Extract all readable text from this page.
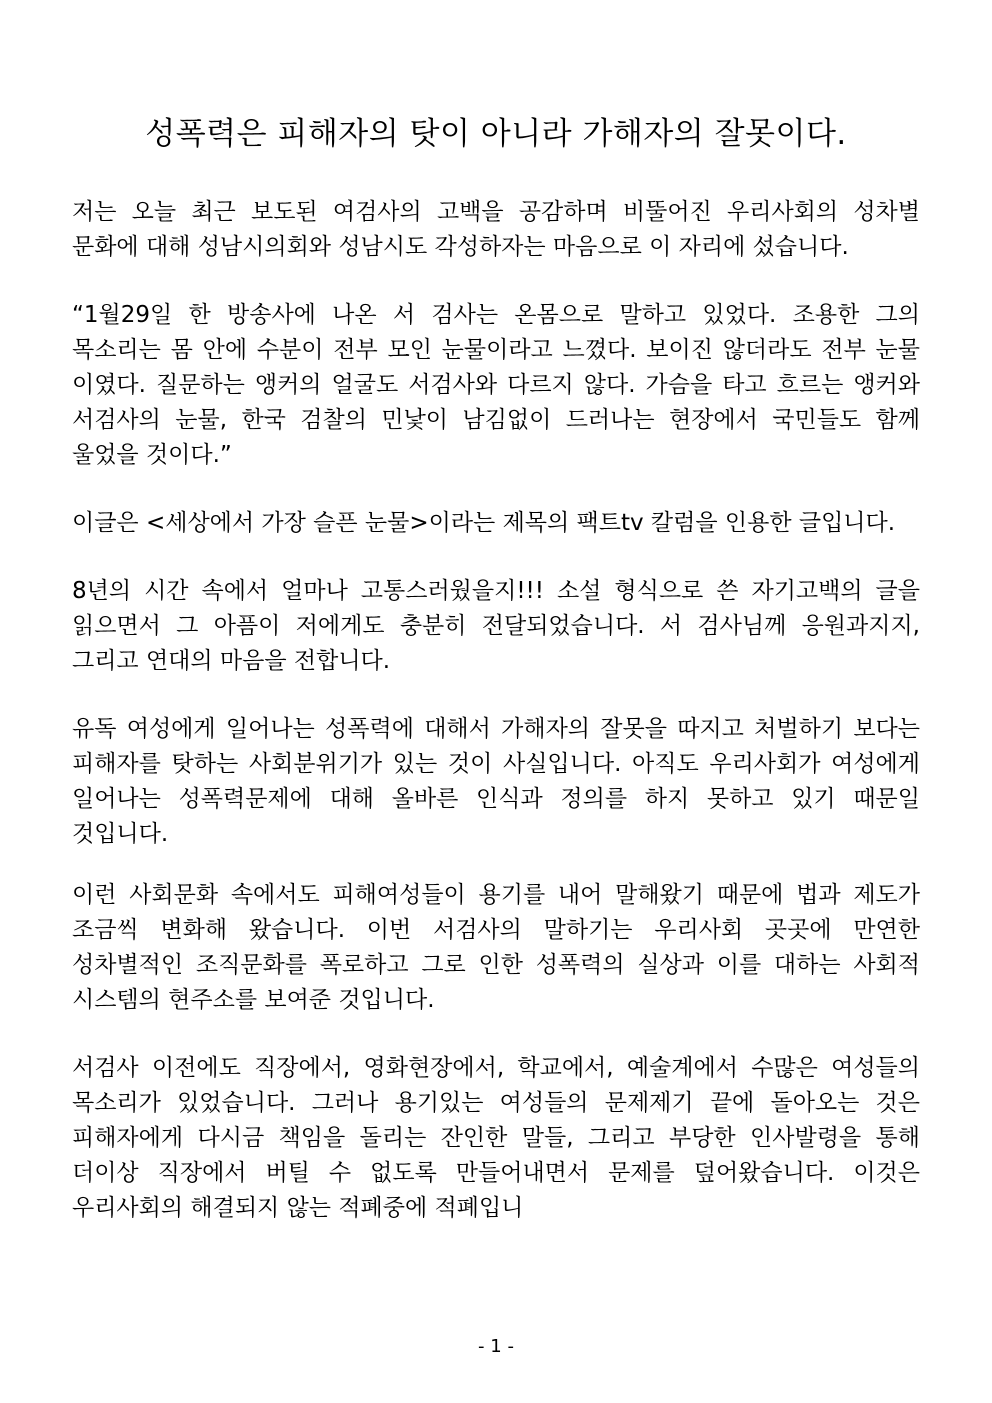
성폭력은 피해자의 탓이 아니라 가해자의 잘못이다.

저는 오늘 최근 보도된 여검사의 고백을 공감하며 비뚤어진 우리사회의 성차별 문화에 대해 성남시의회와 성남시도 각성하자는 마음으로 이 자리에 섰습니다.

“1월29일 한 방송사에 나온 서 검사는 온몸으로 말하고 있었다. 조용한 그의 목소리는 몸 안에 수분이 전부 모인 눈물이라고 느꼈다. 보이진 않더라도 전부 눈물 이였다. 질문하는 앵커의 얼굴도 서검사와 다르지 않다. 가슴을 타고 흐르는 앵커와 서검사의 눈물, 한국 검찰의 민낯이 남김없이 드러나는 현장에서 국민들도 함께 울었을 것이다.”

이글은 <세상에서 가장 슬픈 눈물>이라는 제목의 팩트tv 칼럼을 인용한 글입니다.

8년의 시간 속에서 얼마나 고통스러웠을지!!! 소설 형식으로 쓴 자기고백의 글을 읽으면서 그 아픔이 저에게도 충분히 전달되었습니다. 서 검사님께 응원과지지, 그리고 연대의 마음을 전합니다.

유독 여성에게 일어나는 성폭력에 대해서 가해자의 잘못을 따지고 처벌하기 보다는 피해자를 탓하는 사회분위기가 있는 것이 사실입니다. 아직도 우리사회가 여성에게 일어나는 성폭력문제에 대해 올바른 인식과 정의를 하지 못하고 있기 때문일 것입니다.

이런 사회문화 속에서도 피해여성들이 용기를 내어 말해왔기 때문에 법과 제도가 조금씩 변화해 왔습니다. 이번 서검사의 말하기는 우리사회 곳곳에 만연한 성차별적인 조직문화를 폭로하고 그로 인한 성폭력의 실상과 이를 대하는 사회적 시스템의 현주소를 보여준 것입니다.

서검사 이전에도 직장에서, 영화현장에서, 학교에서, 예술계에서 수많은 여성들의 목소리가 있었습니다. 그러나 용기있는 여성들의 문제제기 끝에 돌아오는 것은 피해자에게 다시금 책임을 돌리는 잔인한 말들, 그리고 부당한 인사발령을 통해 더이상 직장에서 버틸 수 없도록 만들어내면서 문제를 덮어왔습니다. 이것은 우리사회의 해결되지 않는 적폐중에 적폐입니

- 1 -
